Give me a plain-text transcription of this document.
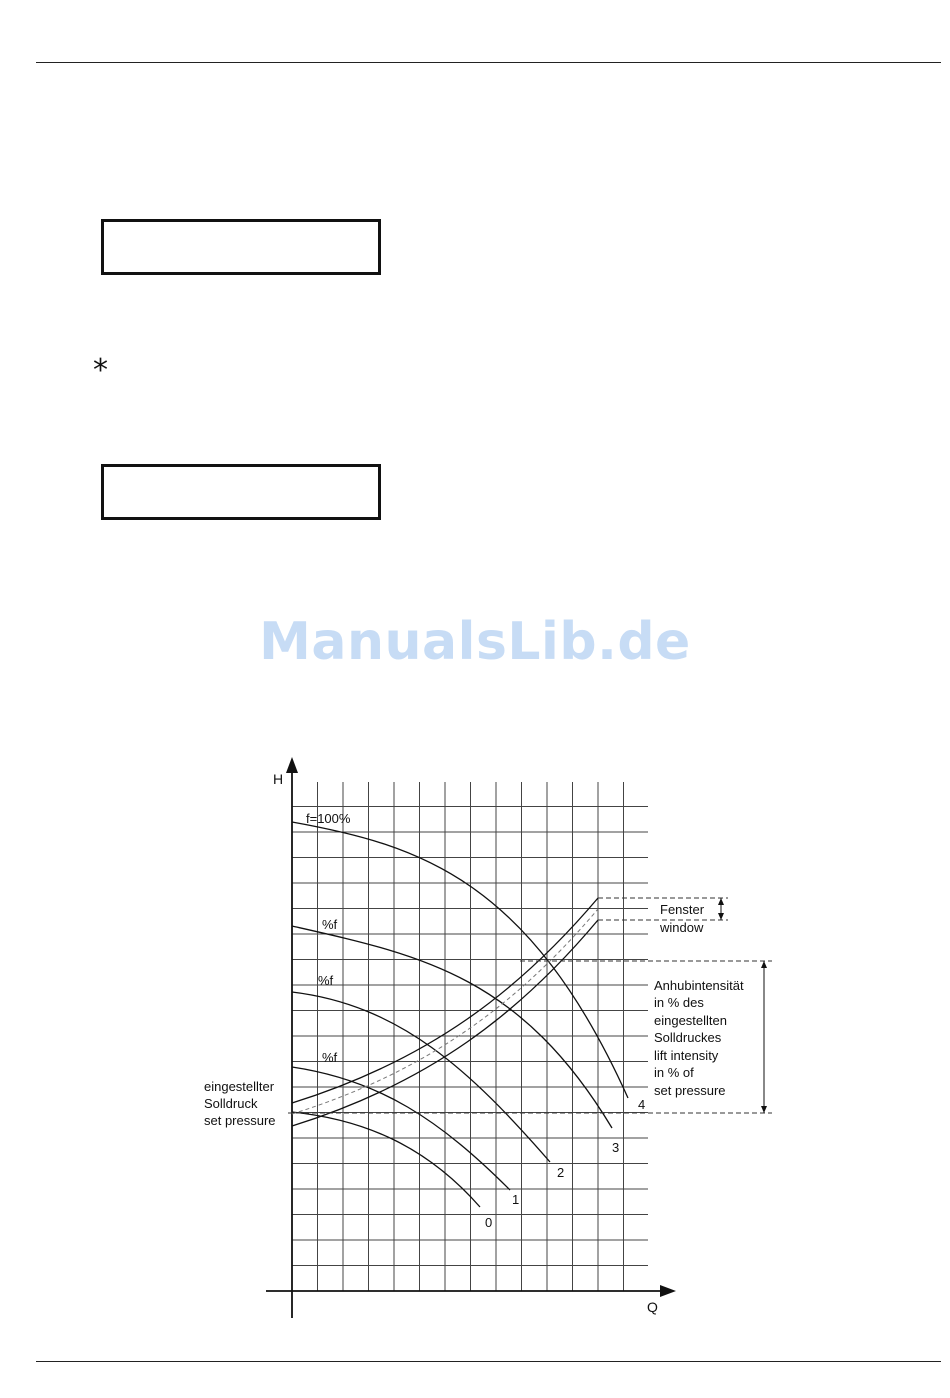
*
ManualsLib.de
H
Q
f=100%
%f
%f
%f
eingestellter
Solldruck
set pressure
Fenster
window
Anhubintensität
in % des
eingestellten
Solldruckes
lift intensity
in % of
set pressure
0
1
2
3
4
